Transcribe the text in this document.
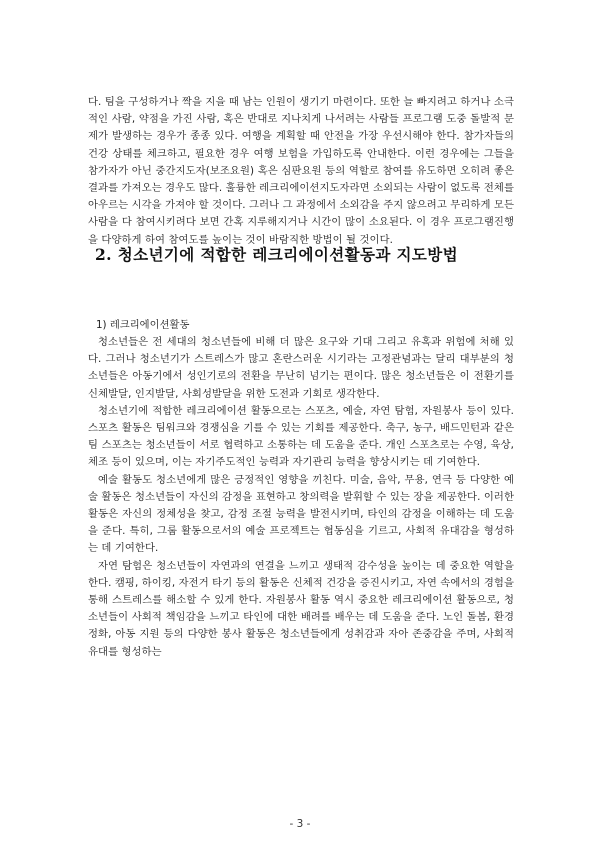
다. 팀을 구성하거나 짝을 지을 때 남는 인원이 생기기 마련이다. 또한 늘 빠지려고 하거나 소극적인 사람, 약점을 가진 사람, 혹은 반대로 지나치게 나서려는 사람들 프로그램 도중 돌발적 문제가 발생하는 경우가 종종 있다. 여행을 계획할 때 안전을 가장 우선시해야 한다. 참가자들의 건강 상태를 체크하고, 필요한 경우 여행 보험을 가입하도록 안내한다. 이런 경우에는 그들을 참가자가 아닌 중간지도자(보조요원) 혹은 심판요원 등의 역할로 참여를 유도하면 오히려 좋은 결과를 가져오는 경우도 많다. 훌륭한 레크리에이션지도자라면 소외되는 사람이 없도록 전체를 아우르는 시각을 가져야 할 것이다. 그러나 그 과정에서 소외감을 주지 않으려고 무리하게 모든 사람을 다 참여시키려다 보면 간혹 지루해지거나 시간이 많이 소요된다. 이 경우 프로그램진행을 다양하게 하여 참여도를 높이는 것이 바람직한 방법이 될 것이다.

2. 청소년기에 적합한 레크리에이션활동과 지도방법
1) 레크리에이션활동

청소년들은 전 세대의 청소년들에 비해 더 많은 요구와 기대 그리고 유혹과 위험에 처해 있다. 그러나 청소년기가 스트레스가 많고 혼란스러운 시기라는 고정관념과는 달리 대부분의 청소년들은 아동기에서 성인기로의 전환을 무난히 넘기는 편이다. 많은 청소년들은 이 전환기를 신체발달, 인지발달, 사회성발달을 위한 도전과 기회로 생각한다.

청소년기에 적합한 레크리에이션 활동으로는 스포츠, 예술, 자연 탐험, 자원봉사 등이 있다. 스포츠 활동은 팀워크와 경쟁심을 기를 수 있는 기회를 제공한다. 축구, 농구, 배드민턴과 같은 팀 스포츠는 청소년들이 서로 협력하고 소통하는 데 도움을 준다. 개인 스포츠로는 수영, 육상, 체조 등이 있으며, 이는 자기주도적인 능력과 자기관리 능력을 향상시키는 데 기여한다.

예술 활동도 청소년에게 많은 긍정적인 영향을 끼친다. 미술, 음악, 무용, 연극 등 다양한 예술 활동은 청소년들이 자신의 감정을 표현하고 창의력을 발휘할 수 있는 장을 제공한다. 이러한 활동은 자신의 정체성을 찾고, 감정 조절 능력을 발전시키며, 타인의 감정을 이해하는 데 도움을 준다. 특히, 그룹 활동으로서의 예술 프로젝트는 협동심을 기르고, 사회적 유대감을 형성하는 데 기여한다.

자연 탐험은 청소년들이 자연과의 연결을 느끼고 생태적 감수성을 높이는 데 중요한 역할을 한다. 캠핑, 하이킹, 자전거 타기 등의 활동은 신체적 건강을 증진시키고, 자연 속에서의 경험을 통해 스트레스를 해소할 수 있게 한다. 자원봉사 활동 역시 중요한 레크리에이션 활동으로, 청소년들이 사회적 책임감을 느끼고 타인에 대한 배려를 배우는 데 도움을 준다. 노인 돌봄, 환경 정화, 아동 지원 등의 다양한 봉사 활동은 청소년들에게 성취감과 자아 존중감을 주며, 사회적 유대를 형성하는

- 3 -
